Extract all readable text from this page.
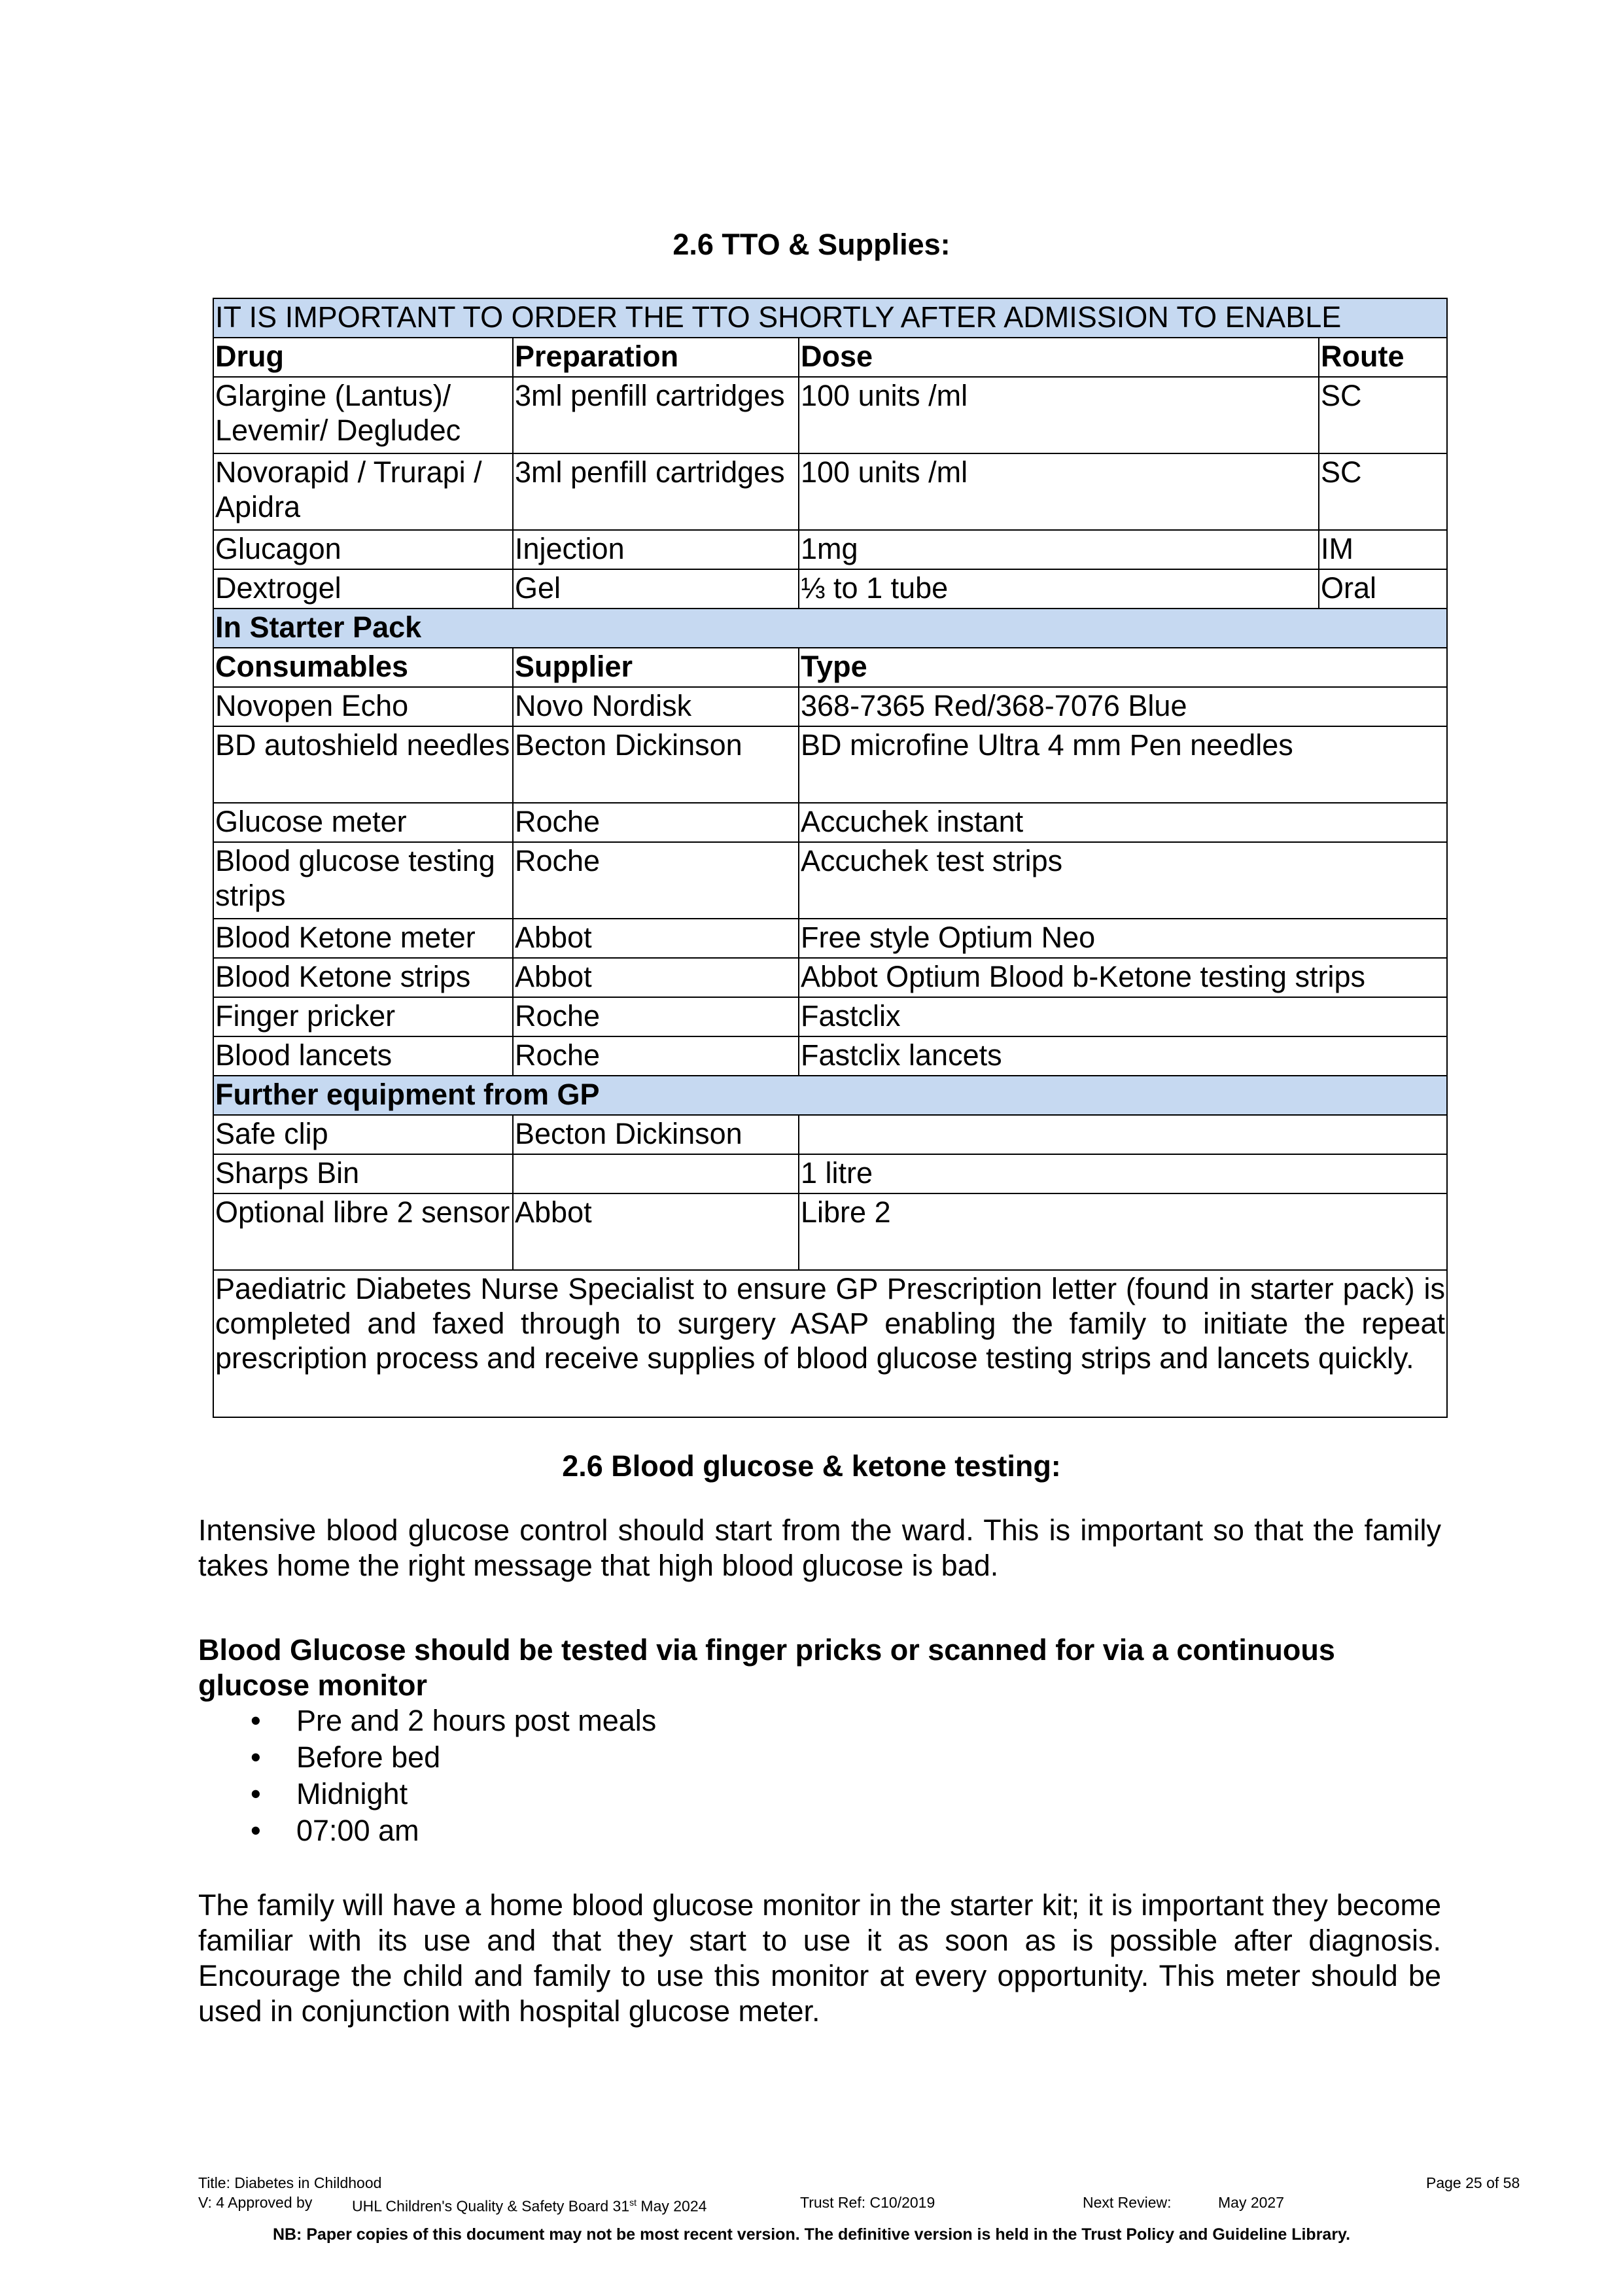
2.6 TTO & Supplies:
IT IS IMPORTANT TO ORDER THE TTO SHORTLY AFTER ADMISSION TO ENABLE			
Drug	Preparation	Dose	Route
Glargine (Lantus)/ Levemir/ Degludec	3ml penfill cartridges	100 units /ml	SC
Novorapid / Trurapi / Apidra	3ml penfill cartridges	100 units /ml	SC
Glucagon	Injection	1mg	IM
Dextrogel	Gel	⅓ to 1 tube	Oral
In Starter Pack			
Consumables	Supplier	Type	
Novopen Echo	Novo Nordisk	368-7365 Red/368-7076 Blue	
BD autoshield needles	Becton Dickinson	BD microfine Ultra 4 mm Pen needles	
Glucose meter	Roche	Accuchek instant	
Blood glucose testing strips	Roche	Accuchek test strips	
Blood Ketone meter	Abbot	Free style Optium Neo	
Blood Ketone strips	Abbot	Abbot Optium Blood b-Ketone testing strips	
Finger pricker	Roche	Fastclix	
Blood lancets	Roche	Fastclix lancets	
Further equipment from GP			
Safe clip	Becton Dickinson		
Sharps Bin		1 litre	
Optional libre 2 sensor	Abbot	Libre 2	
Paediatric Diabetes Nurse Specialist to ensure GP Prescription letter (found in starter pack) is completed and faxed through to surgery ASAP enabling the family to initiate the repeat prescription process and receive supplies of blood glucose testing strips and lancets quickly.			
2.6 Blood glucose & ketone testing:

Intensive blood glucose control should start from the ward. This is important so that the family takes home the right message that high blood glucose is bad.

Blood Glucose should be tested via finger pricks or scanned for via a continuous glucose monitor

• Pre and 2 hours post meals
• Before bed
• Midnight
• 07:00 am

The family will have a home blood glucose monitor in the starter kit; it is important they become familiar with its use and that they start to use it as soon as is possible after diagnosis. Encourage the child and family to use this monitor at every opportunity. This meter should be used in conjunction with hospital glucose meter.

Title: Diabetes in Childhood	Page 25 of 58
V: 4 Approved by	UHL Children's Quality & Safety Board 31st May 2024	Trust Ref: C10/2019	Next Review:	May 2027
NB: Paper copies of this document may not be most recent version. The definitive version is held in the Trust Policy and Guideline Library.
